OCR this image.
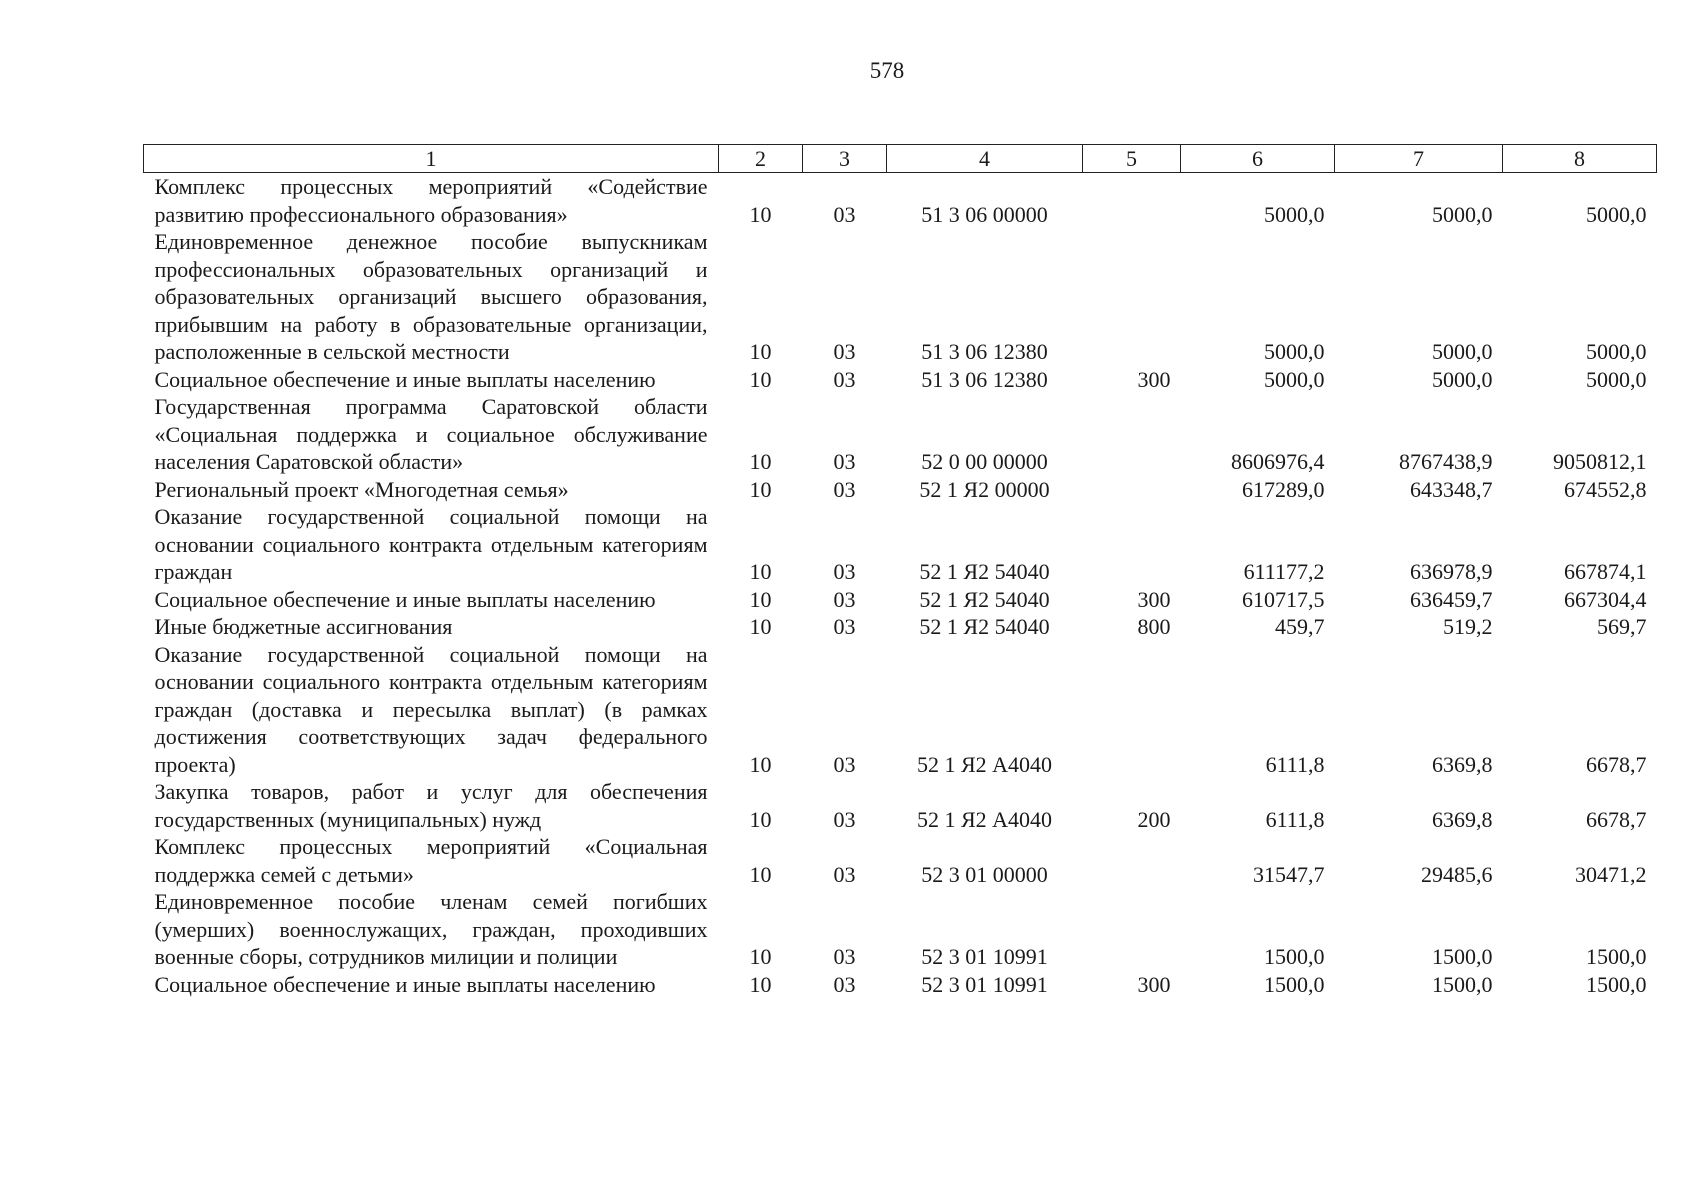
578
1	2	3	4	5	6	7	8
Комплекс процессных мероприятий «Содействие развитию профессионального образования»	10	03	51 3 06 00000		5000,0	5000,0	5000,0
Единовременное денежное пособие выпускникам профессиональных образовательных организаций и образовательных организаций высшего образования, прибывшим на работу в образовательные организации, расположенные в сельской местности	10	03	51 3 06 12380		5000,0	5000,0	5000,0
Социальное обеспечение и иные выплаты населению	10	03	51 3 06 12380	300	5000,0	5000,0	5000,0
Государственная программа Саратовской области «Социальная поддержка и социальное обслуживание населения Саратовской области»	10	03	52 0 00 00000		8606976,4	8767438,9	9050812,1
Региональный проект «Многодетная семья»	10	03	52 1 Я2 00000		617289,0	643348,7	674552,8
Оказание государственной социальной помощи на основании социального контракта отдельным категориям граждан	10	03	52 1 Я2 54040		611177,2	636978,9	667874,1
Социальное обеспечение и иные выплаты населению	10	03	52 1 Я2 54040	300	610717,5	636459,7	667304,4
Иные бюджетные ассигнования	10	03	52 1 Я2 54040	800	459,7	519,2	569,7
Оказание государственной социальной помощи на основании социального контракта отдельным категориям граждан (доставка и пересылка выплат) (в рамках достижения соответствующих задач федерального проекта)	10	03	52 1 Я2 А4040		6111,8	6369,8	6678,7
Закупка товаров, работ и услуг для обеспечения государственных (муниципальных) нужд	10	03	52 1 Я2 А4040	200	6111,8	6369,8	6678,7
Комплекс процессных мероприятий «Социальная поддержка семей с детьми»	10	03	52 3 01 00000		31547,7	29485,6	30471,2
Единовременное пособие членам семей погибших (умерших) военнослужащих, граждан, проходивших военные сборы, сотрудников милиции и полиции	10	03	52 3 01 10991		1500,0	1500,0	1500,0
Социальное обеспечение и иные выплаты населению	10	03	52 3 01 10991	300	1500,0	1500,0	1500,0
